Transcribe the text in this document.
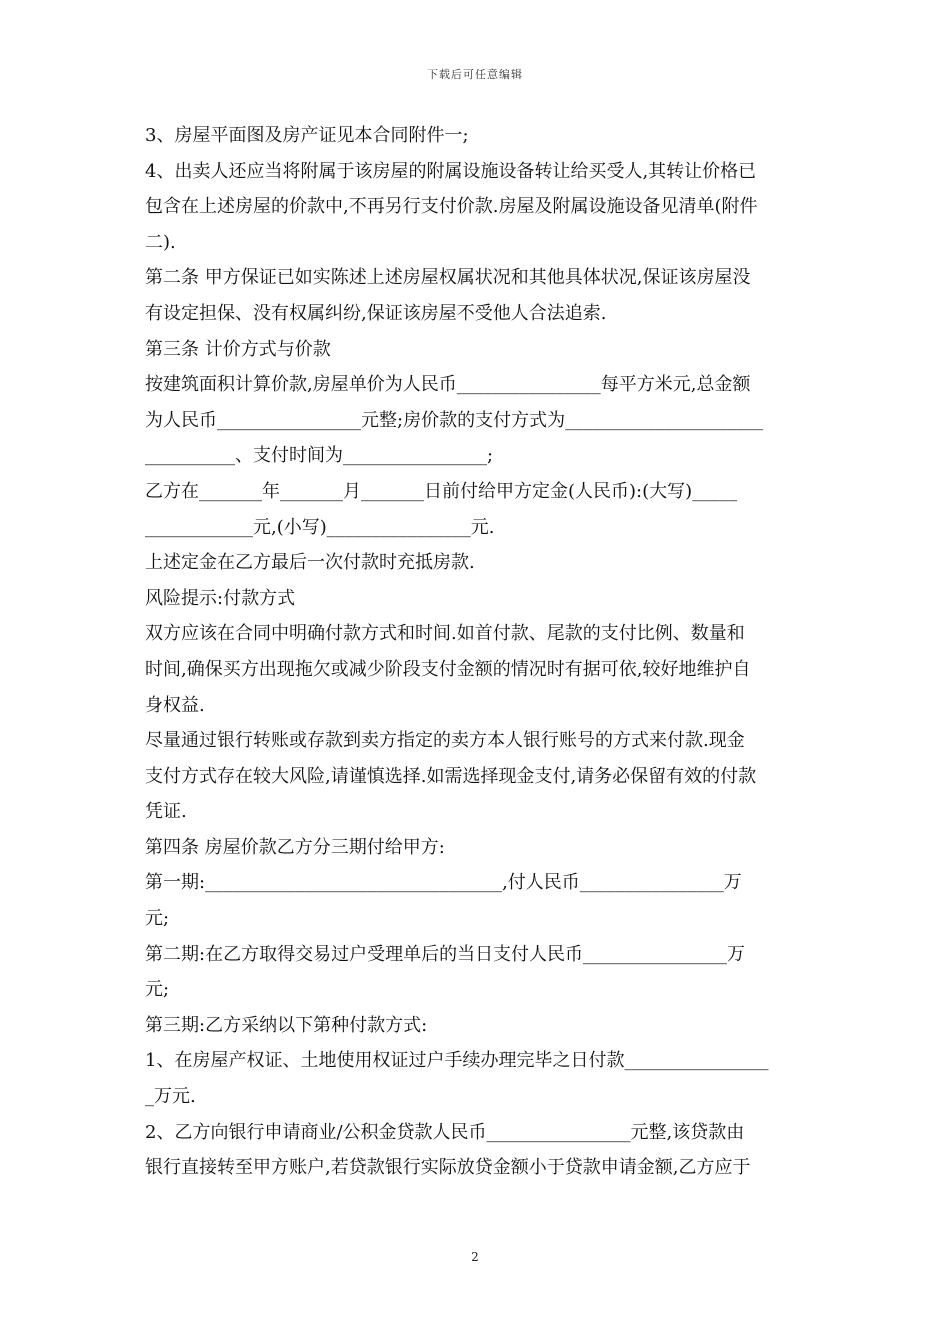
下载后可任意编辑
3、房屋平面图及房产证见本合同附件一;
4、出卖人还应当将附属于该房屋的附属设施设备转让给买受人,其转让价格已
包含在上述房屋的价款中,不再另行支付价款.房屋及附属设施设备见清单(附件
二).
第二条 甲方保证已如实陈述上述房屋权属状况和其他具体状况,保证该房屋没
有设定担保、没有权属纠纷,保证该房屋不受他人合法追索.
第三条 计价方式与价款
按建筑面积计算价款,房屋单价为人民币________________每平方米元,总金额
为人民币________________元整;房价款的支付方式为______________________
__________、支付时间为________________;
乙方在_______年_______月_______日前付给甲方定金(人民币):(大写)_____
____________元,(小写)________________元.
上述定金在乙方最后一次付款时充抵房款.
风险提示:付款方式
双方应该在合同中明确付款方式和时间.如首付款、尾款的支付比例、数量和
时间,确保买方出现拖欠或减少阶段支付金额的情况时有据可依,较好地维护自
身权益.
尽量通过银行转账或存款到卖方指定的卖方本人银行账号的方式来付款.现金
支付方式存在较大风险,请谨慎选择.如需选择现金支付,请务必保留有效的付款
凭证.
第四条 房屋价款乙方分三期付给甲方:
第一期:_________________________________,付人民币________________万
元;
第二期:在乙方取得交易过户受理单后的当日支付人民币________________万
元;
第三期:乙方采纳以下第种付款方式:
1、在房屋产权证、土地使用权证过户手续办理完毕之日付款________________
_万元.
2、乙方向银行申请商业/公积金贷款人民币________________元整,该贷款由
银行直接转至甲方账户,若贷款银行实际放贷金额小于贷款申请金额,乙方应于
2
